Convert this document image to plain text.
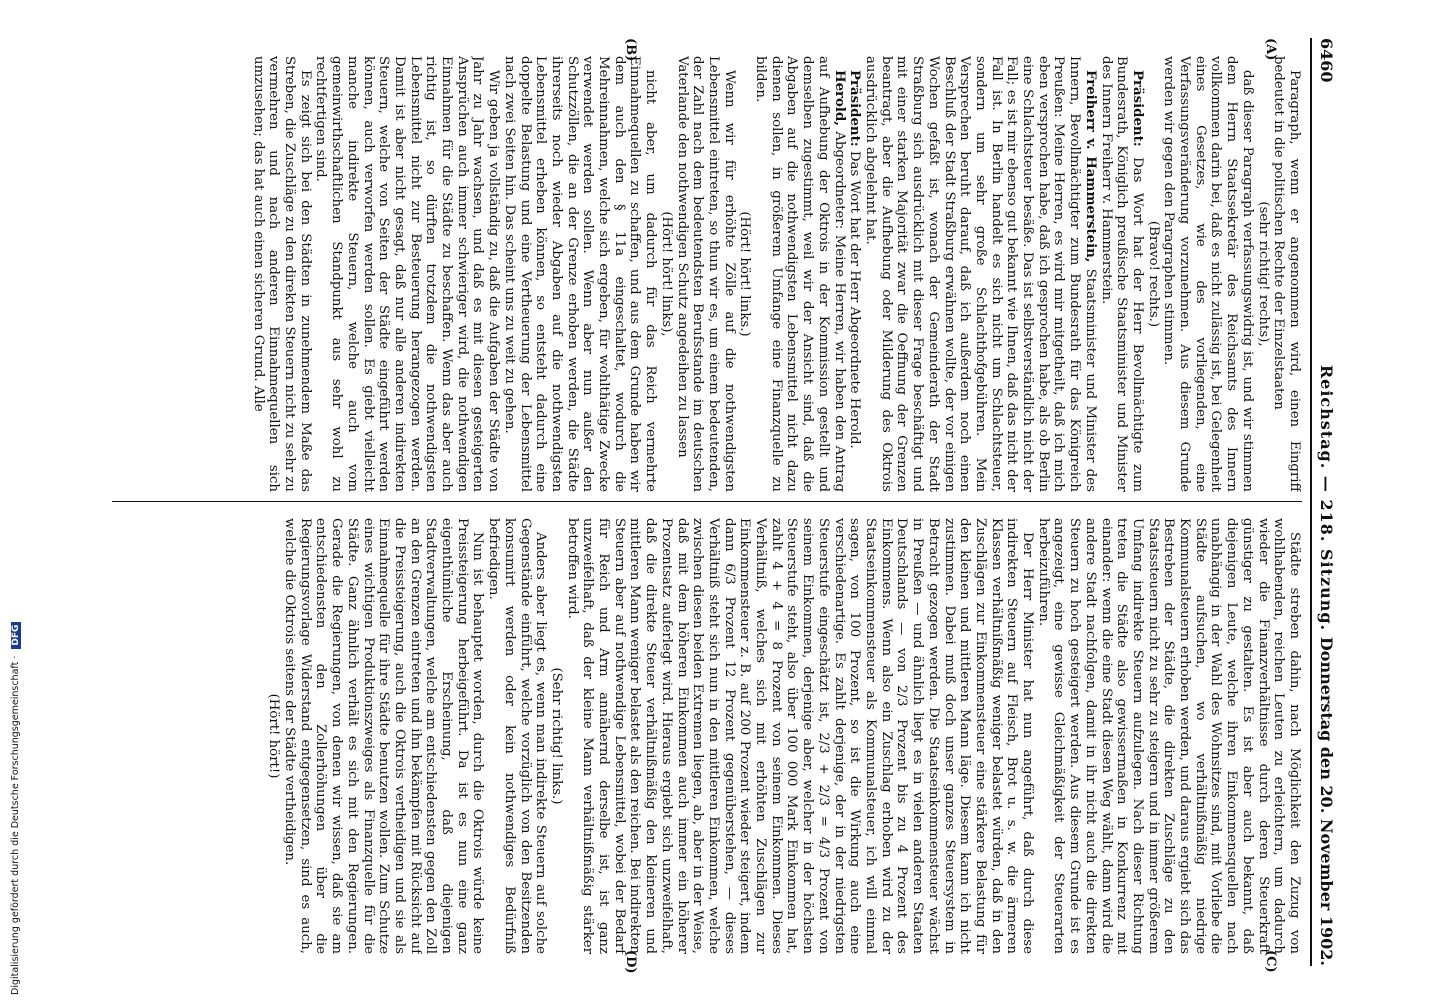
6460
Reichstag. — 218. Sitzung.
Donnerstag den 20. November 1902.
(A)
(B)
(C)
(D)

Paragraph, wenn er angenommen wird, einen Eingriff bedeutet in die politischen Rechte der Einzelstaaten

(sehr richtig! rechts),

daß dieser Paragraph verfassungswidrig ist, und wir stimmen dem Herrn Staatssekretär des Reichsamts des Innern vollkommen darin bei, daß es nicht zulässig ist, bei Gelegenheit eines Gesetzes, wie des vorliegenden, eine Verfassungsveränderung vorzunehmen. Aus diesem Grunde werden wir gegen den Paragraphen stimmen.

(Bravo! rechts.)

Präsident: Das Wort hat der Herr Bevollmächtigte zum Bundesrath, Königlich preußische Staatsminister und Minister des Innern Freiherr v. Hammerstein.

Freiherr v. Hammerstein, Staatsminister und Minister des Innern, Bevollmächtigter zum Bundesrath für das Königreich Preußen: Meine Herren, es wird mir mitgetheilt, daß ich mich eben versprochen habe, daß ich gesprochen habe, als ob Berlin eine Schlachtsteuer besäße. Das ist selbstverständlich nicht der Fall; es ist mir ebenso gut bekannt wie Ihnen, daß das nicht der Fall ist. In Berlin handelt es sich nicht um Schlachtsteuer, sondern um sehr große Schlachthofgebühren. Mein Versprechen beruht darauf, daß ich außerdem noch einen Beschluß der Stadt Straßburg erwähnen wollte, der vor einigen Wochen gefaßt ist, wonach der Gemeinderath der Stadt Straßburg sich ausdrücklich mit dieser Frage beschäftigt und mit einer starken Majorität zwar die Oeffnung der Grenzen beantragt, aber die Aufhebung oder Milderung des Oktrois ausdrücklich abgelehnt hat.

Präsident: Das Wort hat der Herr Abgeordnete Herold.

Herold, Abgeordneter: Meine Herren, wir haben den Antrag auf Aufhebung der Oktrois in der Kommission gestellt und demselben zugestimmt, weil wir der Ansicht sind, daß die Abgaben auf die nothwendigsten Lebensmittel nicht dazu dienen sollen, in größerem Umfange eine Finanzquelle zu bilden.

(Hört! hört! links.)

Wenn wir für erhöhte Zölle auf die nothwendigsten Lebensmittel eintreten, so thun wir es, um einem bedeutenden, der Zahl nach dem bedeutendsten Berufsstande im deutschen Vaterlande den nothwendigen Schutz angedeihen zu lassen

(Hört! hört! links),

nicht aber, um dadurch für das Reich vermehrte Einnahmequellen zu schaffen, und aus dem Grunde haben wir dem auch den § 11a eingeschaltet, wodurch die Mehreinnahmen, welche sich ergeben, für wohlthätige Zwecke verwendet werden sollen. Wenn aber nun außer den Schutzzöllen, die an der Grenze erhoben werden, die Städte ihrerseits noch wieder Abgaben auf die nothwendigsten Lebensmittel erheben können, so entsteht dadurch eine doppelte Belastung und eine Vertheuerung der Lebensmittel nach zwei Seiten hin. Das scheint uns zu weit zu gehen.

Wir geben ja vollständig zu, daß die Aufgaben der Städte von Jahr zu Jahr wachsen, und daß es mit diesen gesteigerten Ansprüchen auch immer schwieriger wird, die nothwendigen Einnahmen für die Städte zu beschaffen. Wenn das aber auch richtig ist, so dürften trotzdem die nothwendigsten Lebensmittel nicht zur Besteuerung herangezogen werden. Damit ist aber nicht gesagt, daß nur alle anderen indirekten Steuern, welche von Seiten der Städte eingeführt werden können, auch verworfen werden sollen. Es giebt vielleicht manche indirekte Steuern, welche auch vom gemeinwirthschaftlichen Standpunkt aus sehr wohl zu rechtfertigen sind.

Es zeigt sich bei den Städten in zunehmendem Maße das Streben, die Zuschläge zu den direkten Steuern nicht zu sehr zu vermehren und nach anderen Einnahmequellen sich umzusehen; das hat auch einen sicheren Grund. Alle

Städte streben dahin, nach Möglichkeit den Zuzug von wohlhabenden, reichen Leuten zu erleichtern, um dadurch wieder die Finanzverhältnisse durch deren Steuerkraft günstiger zu gestalten. Es ist aber auch bekannt, daß diejenigen Leute, welche ihren Einkommensquellen nach unabhängig in der Wahl des Wohnsitzes sind, mit Vorliebe die Städte aufsuchen, wo verhältnißmäßig niedrige Kommunalsteuern erhoben werden, und daraus ergiebt sich das Bestreben der Städte, die direkten Zuschläge zu den Staatssteuern nicht zu sehr zu steigern und in immer größerem Umfang indirekte Steuern aufzulegen. Nach dieser Richtung treten die Städte also gewissermaßen in Konkurrenz mit einander: wenn die eine Stadt diesen Weg wählt, dann wird die andere Stadt nachfolgen, damit in ihr nicht auch die direkten Steuern zu hoch gesteigert werden. Aus diesem Grunde ist es angezeigt, eine gewisse Gleichmäßigkeit der Steuerarten herbeizuführen.

Der Herr Minister hat nun angeführt, daß durch diese indirekten Steuern auf Fleisch, Brot u. s. w. die ärmeren Klassen verhältnißmäßig weniger belastet würden, daß in den Zuschlägen zur Einkommensteuer eine stärkere Belastung für den kleinen und mittleren Mann läge. Diesem kann ich nicht zustimmen. Dabei muß doch unser ganzes Steuersystem in Betracht gezogen werden. Die Staatseinkommensteuer wächst in Preußen — und ähnlich liegt es in vielen anderen Staaten Deutschlands — von 2/3 Prozent bis zu 4 Prozent des Einkommens. Wenn also ein Zuschlag erhoben wird zu der Staatseinkommensteuer als Kommunalsteuer, ich will einmal sagen, von 100 Prozent, so ist die Wirkung auch eine verschiedenartige. Es zahlt derjenige, der in der niedrigsten Steuerstufe eingeschätzt ist, 2/3 + 2/3 = 4/3 Prozent von seinem Einkommen, derjenige aber, welcher in der höchsten Steuerstufe steht, also über 100 000 Mark Einkommen hat, zahlt 4 + 4 = 8 Prozent von seinem Einkommen. Dieses Verhältniß, welches sich mit erhöhten Zuschlägen zur Einkommensteuer z. B. auf 200 Prozent wieder steigert, indem dann 6/3 Prozent 12 Prozent gegenüberstehen, — dieses Verhältniß steht sich nun in den mittleren Einkommen, welche zwischen diesen beiden Extremen liegen, ab, aber in der Weise, daß mit dem höheren Einkommen auch immer ein höherer Prozentsatz auferlegt wird. Hieraus ergiebt sich unzweifelhaft, daß die direkte Steuer verhältnißmäßig den kleineren und mittleren Mann weniger belastet als den reichen. Bei indirekten Steuern aber auf nothwendige Lebensmittel, wobei der Bedarf für Reich und Arm annähernd derselbe ist, ist ganz unzweifelhaft, daß der kleine Mann verhältnißmäßig stärker betroffen wird.

(Sehr richtig! links.)

Anders aber liegt es, wenn man indirekte Steuern auf solche Gegenstände einführt, welche vorzüglich von den Besitzenden konsumirt werden oder kein nothwendiges Bedürfniß befriedigen.

Nun ist behauptet worden, durch die Oktrois würde keine Preissteigerung herbeigeführt. Da ist es nun eine ganz eigenthümliche Erscheinung, daß diejenigen Stadtverwaltungen, welche am entschiedensten gegen den Zoll an den Grenzen eintreten und ihn bekämpfen mit Rücksicht auf die Preissteigerung, auch die Oktrois vertheidigen und sie als Einnahmequelle für ihre Städte benutzen wollen. Zum Schutze eines wichtigen Produktionszweiges als Finanzquelle für die Städte. Ganz ähnlich verhält es sich mit den Regierungen. Gerade die Regierungen, von denen wir wissen, daß sie am entschiedensten den Zollerhöhungen über die Regierungsvorlage Widerstand entgegensetzen, sind es auch, welche die Oktrois seitens der Städte vertheidigen.

(Hört! hört!)

Digitalisierung gefördert durch die Deutsche Forschungsgemeinschaft · DFG
